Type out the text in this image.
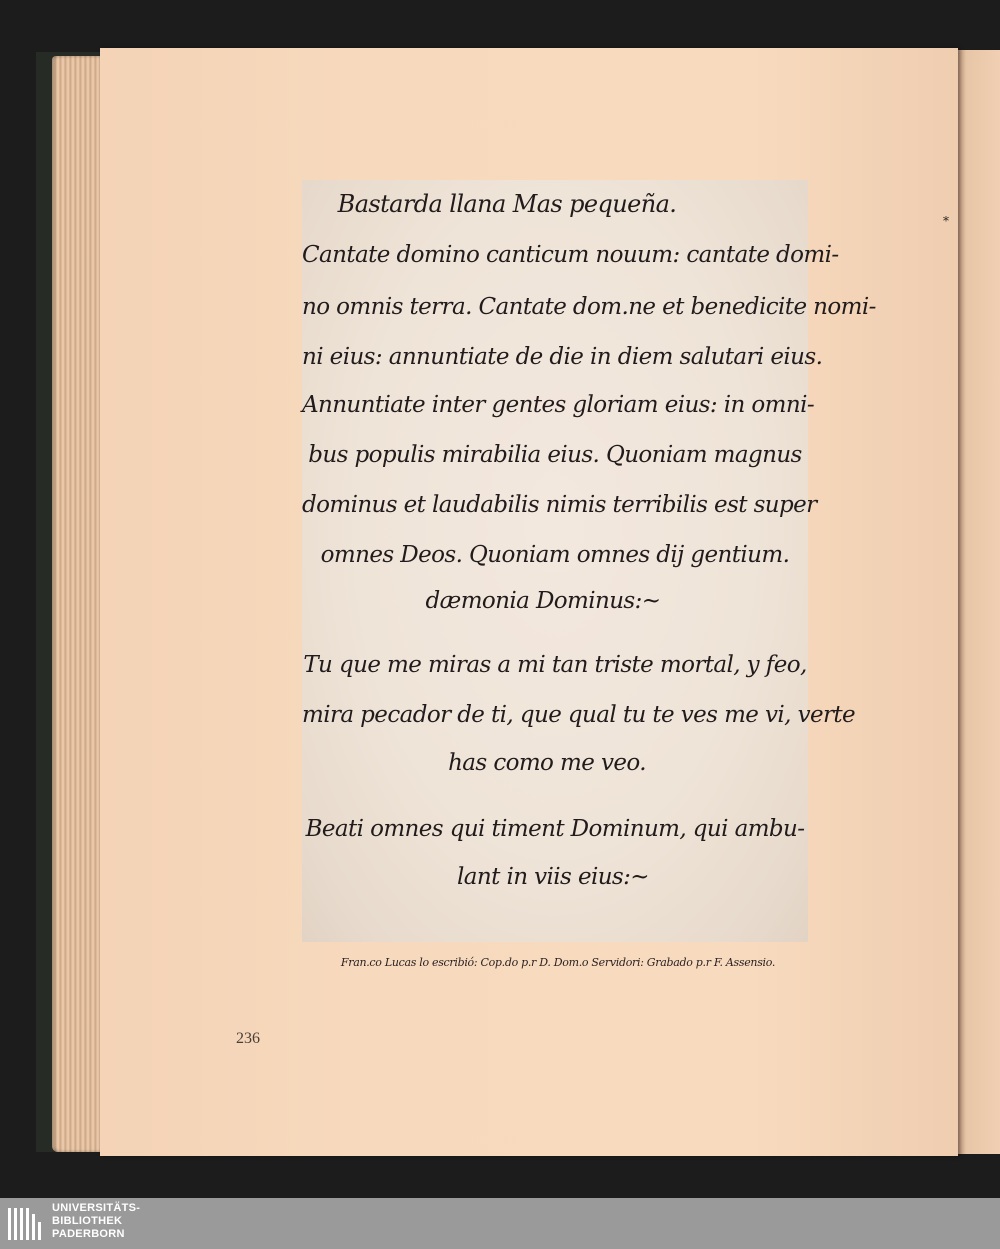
⁎
Bastarda llana Mas pequeña.
Cantate domino canticum nouum: cantate domi-
no omnis terra. Cantate dom.ne et benedicite nomi-
ni eius: annuntiate de die in diem salutari eius.
Annuntiate inter gentes gloriam eius: in omni-
bus populis mirabilia eius. Quoniam magnus
dominus et laudabilis nimis terribilis est super
omnes Deos. Quoniam omnes dij gentium.
dæmonia Dominus:~
Tu que me miras a mi tan triste mortal, y feo,
mira pecador de ti, que qual tu te ves me vi, verte
has como me veo.
Beati omnes qui timent Dominum, qui ambu-
lant in viis eius:~
Fran.co Lucas lo escribió: Cop.do p.r D. Dom.o Servidori: Grabado p.r F. Assensio.
236
UNIVERSITÄTS-
BIBLIOTHEK
PADERBORN
